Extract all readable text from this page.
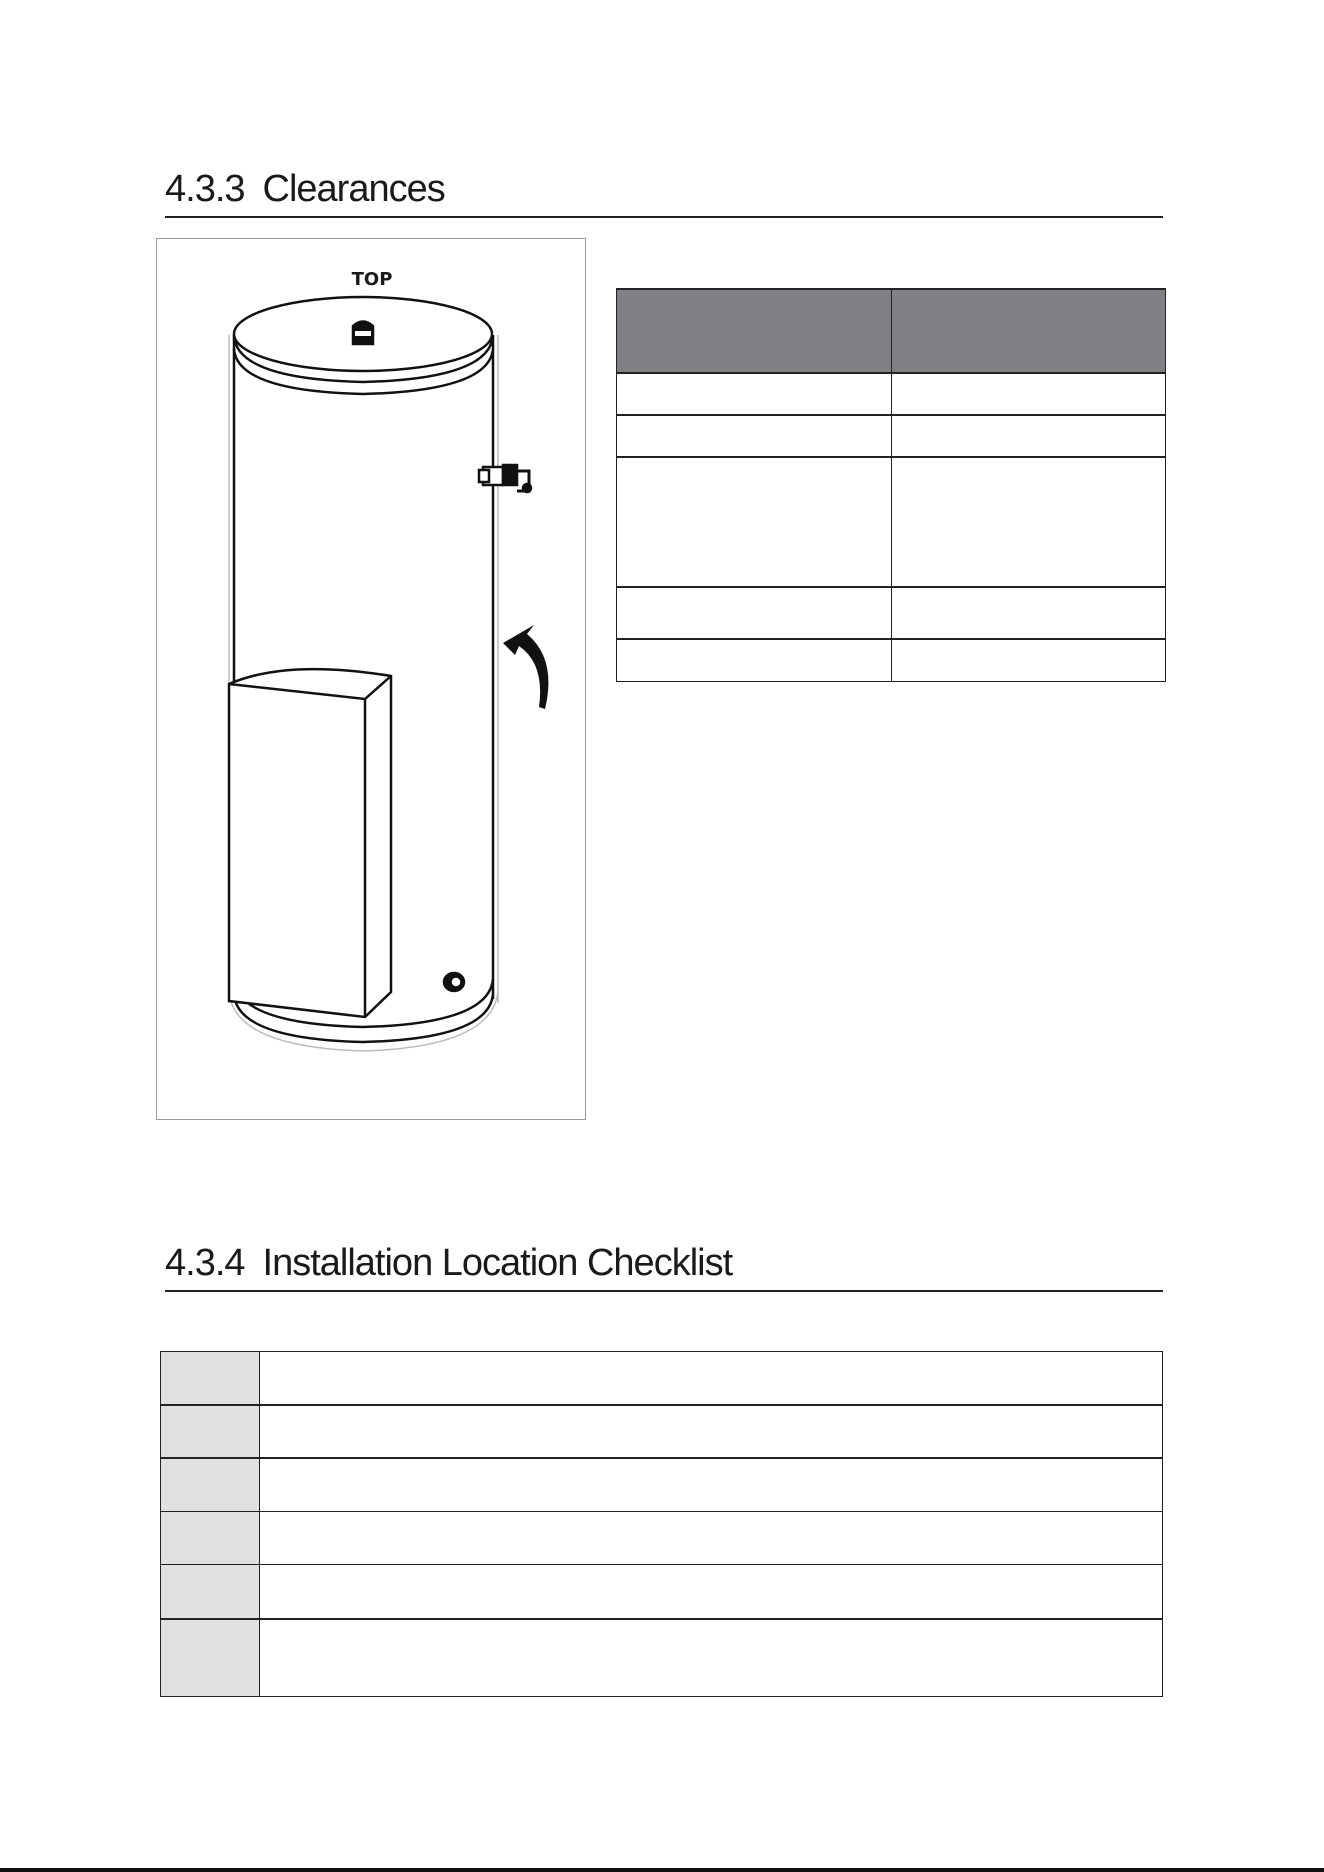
4.3.3 Clearances
TOP

4.3.4 Installation Location Checklist
